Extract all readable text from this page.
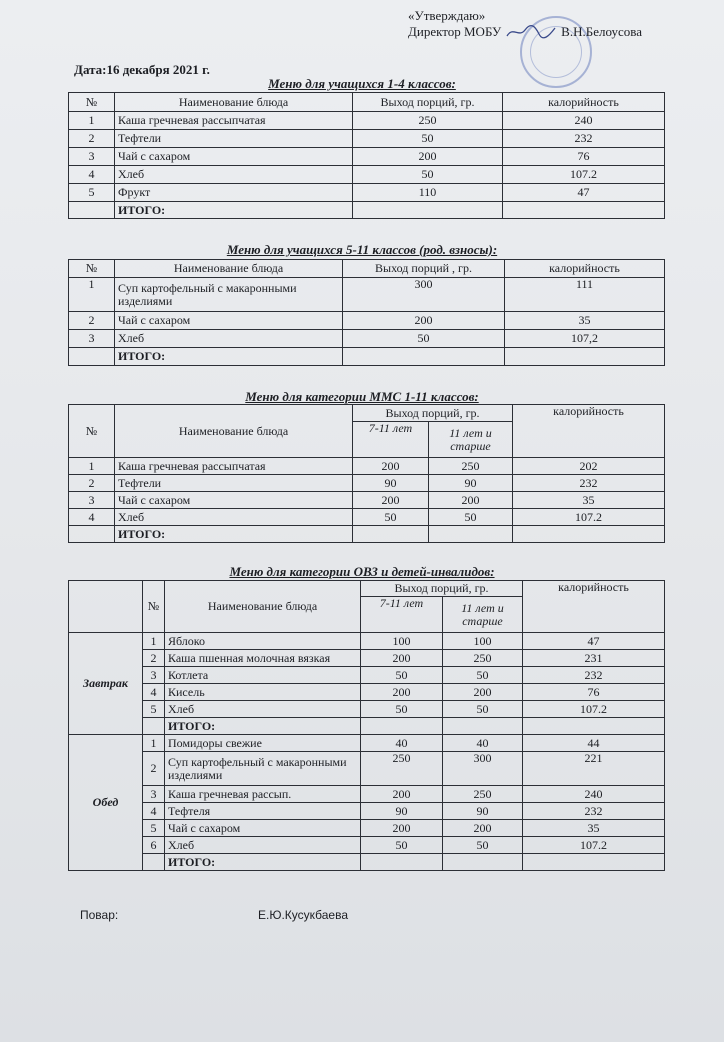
«Утверждаю»
Директор МОБУ	В.Н.Белоусова
Дата:16 декабря 2021 г.
Меню для учащихся 1-4 классов:
№	Наименование блюда	Выход порций, гр.	калорийность
1	Каша гречневая рассыпчатая	250	240
2	Тефтели	50	232
3	Чай с сахаром	200	76
4	Хлеб	50	107.2
5	Фрукт	110	47
	ИТОГО:		
Меню для учащихся 5-11 классов (род. взносы):
№	Наименование блюда	Выход порций , гр.	калорийность
1	Суп картофельный с макаронными изделиями	300	111
2	Чай с сахаром	200	35
3	Хлеб	50	107,2
	ИТОГО:		
Меню для категории ММС 1-11 классов:
№	Наименование блюда	Выход порций, гр.		калорийность
		7-11 лет	11 лет и старше	
1	Каша гречневая рассыпчатая	200	250	202
2	Тефтели	90	90	232
3	Чай с сахаром	200	200	35
4	Хлеб	50	50	107.2
	ИТОГО:			
Меню для категории ОВЗ и детей-инвалидов:
	№	Наименование блюда	Выход порций, гр.		калорийность
			7-11 лет	11 лет и старше	
Завтрак	1	Яблоко	100	100	47
	2	Каша пшенная молочная вязкая	200	250	231
	3	Котлета	50	50	232
	4	Кисель	200	200	76
	5	Хлеб	50	50	107.2
		ИТОГО:			
Обед	1	Помидоры свежие	40	40	44
	2	Суп картофельный с макаронными изделиями	250	300	221
	3	Каша гречневая рассып.	200	250	240
	4	Тефтеля	90	90	232
	5	Чай с сахаром	200	200	35
	6	Хлеб	50	50	107.2
		ИТОГО:			
Повар:	Е.Ю.Кусукбаева
